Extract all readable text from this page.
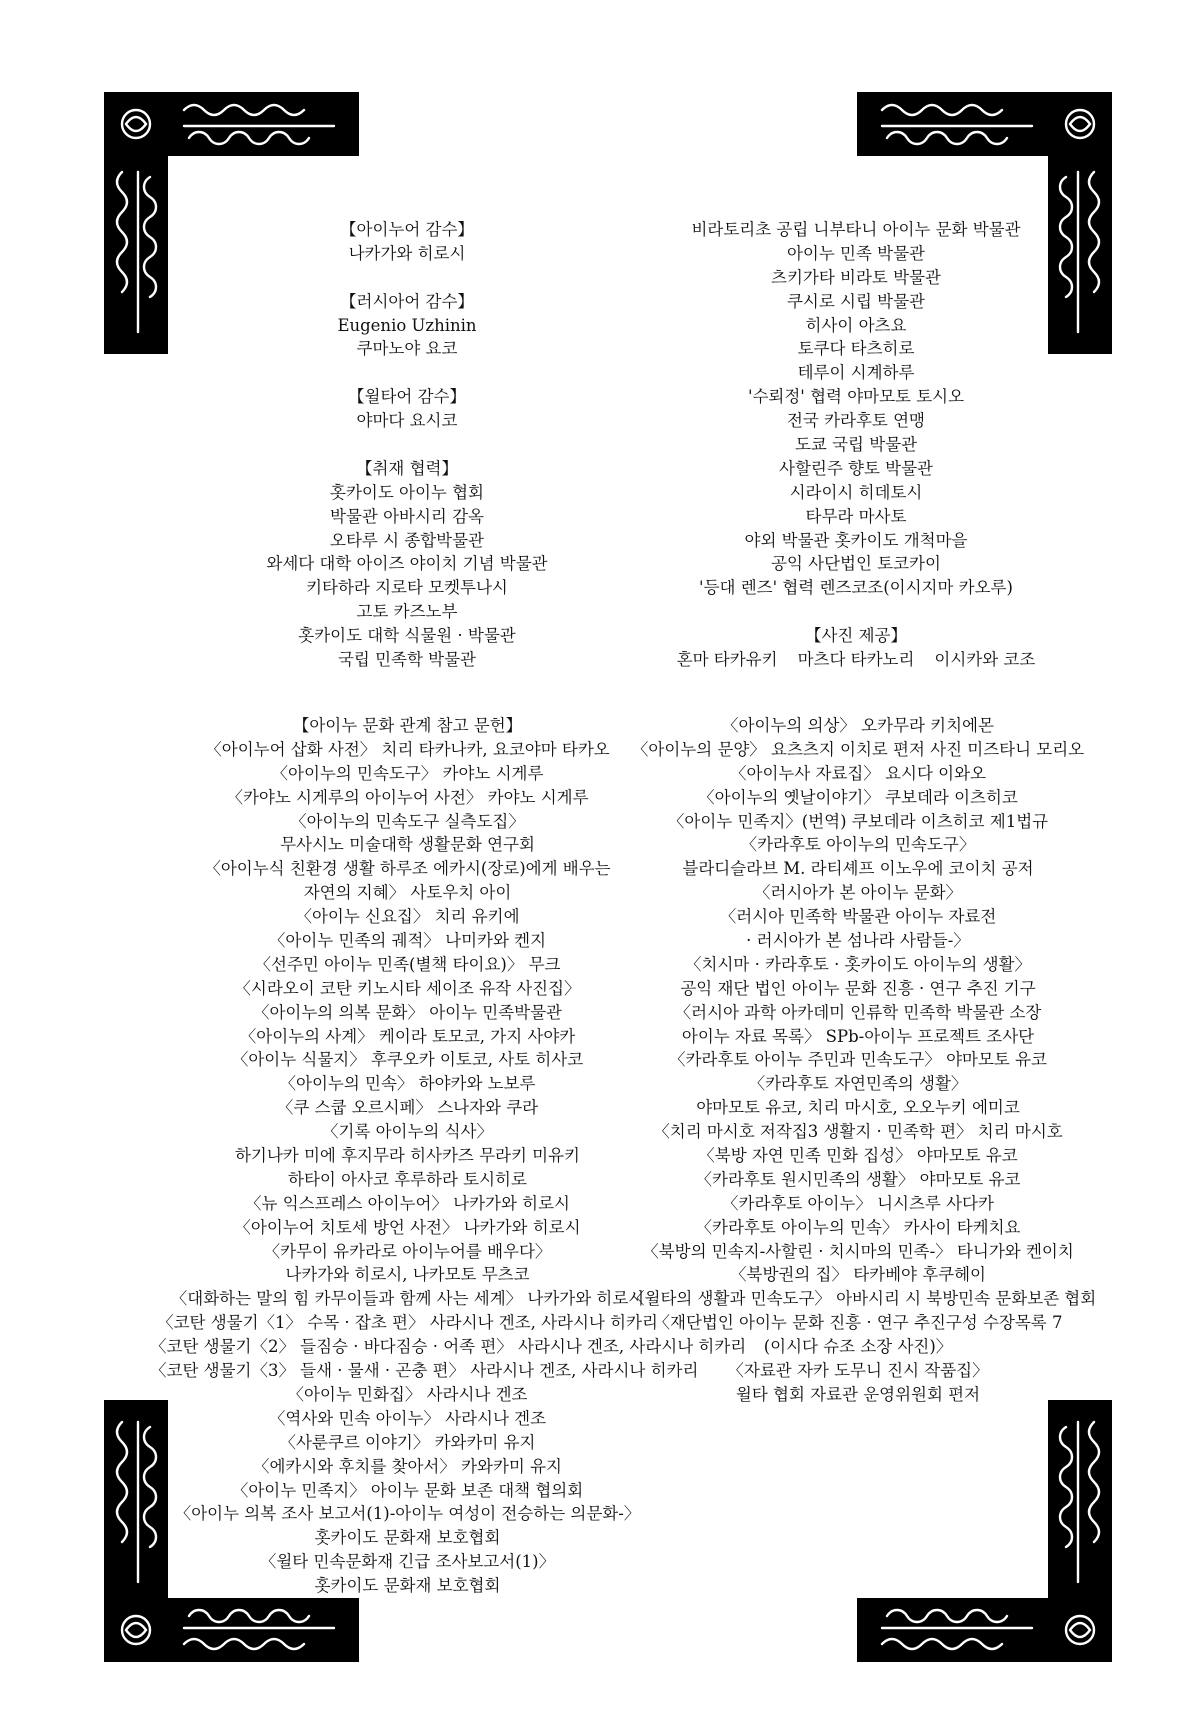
【아이누어 감수】
나카가와 히로시
【러시아어 감수】
Eugenio Uzhinin
쿠마노야 요코
【윌타어 감수】
야마다 요시코
【취재 협력】
홋카이도 아이누 협회
박물관 아바시리 감옥
오타루 시 종합박물관
와세다 대학 아이즈 야이치 기념 박물관
키타하라 지로타 모켓투나시
고토 카즈노부
홋카이도 대학 식물원 · 박물관
국립 민족학 박물관
비라토리초 공립 니부타니 아이누 문화 박물관
아이누 민족 박물관
츠키가타 비라토 박물관
쿠시로 시립 박물관
히사이 아츠요
토쿠다 타츠히로
테루이 시계하루
'수뢰정' 협력 야마모토 토시오
전국 카라후토 연맹
도쿄 국립 박물관
사할린주 향토 박물관
시라이시 히데토시
타무라 마사토
야외 박물관 홋카이도 개척마을
공익 사단법인 토코카이
'등대 렌즈' 협력 렌즈코조(이시지마 카오루)
【사진 제공】
혼마 타카유키 마츠다 타카노리 이시카와 코조
【아이누 문화 관계 참고 문헌】
〈아이누어 삽화 사전〉 치리 타카나카, 요코야마 타카오
〈아이누의 민속도구〉 카야노 시게루
〈카야노 시게루의 아이누어 사전〉 카야노 시게루
〈아이누의 민속도구 실측도집〉
무사시노 미술대학 생활문화 연구회
〈아이누식 친환경 생활 하루조 에카시(장로)에게 배우는
자연의 지혜〉 사토우치 아이
〈아이누 신요집〉 치리 유키에
〈아이누 민족의 궤적〉 나미카와 켄지
〈선주민 아이누 민족(별책 타이요)〉 무크
〈시라오이 코탄 키노시타 세이조 유작 사진집〉
〈아이누의 의복 문화〉 아이누 민족박물관
〈아이누의 사계〉 케이라 토모코, 가지 사야카
〈아이누 식물지〉 후쿠오카 이토코, 사토 히사코
〈아이누의 민속〉 하야카와 노보루
〈쿠 스쿱 오르시페〉 스나자와 쿠라
〈기록 아이누의 식사〉
하기나카 미에 후지무라 히사카즈 무라키 미유키
하타이 아사코 후루하라 토시히로
〈뉴 익스프레스 아이누어〉 나카가와 히로시
〈아이누어 치토세 방언 사전〉 나카가와 히로시
〈카무이 유카라로 아이누어를 배우다〉
나카가와 히로시, 나카모토 무츠코
〈대화하는 말의 힘 카무이들과 함께 사는 세계〉 나카가와 히로시
〈코탄 생물기〈1〉 수목 · 잡초 편〉 사라시나 겐조, 사라시나 히카리
〈코탄 생물기〈2〉 들짐승 · 바다짐승 · 어족 편〉 사라시나 겐조, 사라시나 히카리
〈코탄 생물기〈3〉 들새 · 물새 · 곤충 편〉 사라시나 겐조, 사라시나 히카리
〈아이누 민화집〉 사라시나 겐조
〈역사와 민속 아이누〉 사라시나 겐조
〈사룬쿠르 이야기〉 카와카미 유지
〈에카시와 후치를 찾아서〉 카와카미 유지
〈아이누 민족지〉 아이누 문화 보존 대책 협의회
〈아이누 의복 조사 보고서(1)-아이누 여성이 전승하는 의문화-〉
홋카이도 문화재 보호협회
〈윌타 민속문화재 긴급 조사보고서(1)〉
홋카이도 문화재 보호협회
〈아이누의 의상〉 오카무라 키치에몬
〈아이누의 문양〉 요츠츠지 이치로 편저 사진 미즈타니 모리오
〈아이누사 자료집〉 요시다 이와오
〈아이누의 옛날이야기〉 쿠보데라 이츠히코
〈아이누 민족지〉(번역) 쿠보데라 이츠히코 제1법규
〈카라후토 아이누의 민속도구〉
블라디슬라브 M. 라티셰프 이노우에 코이치 공저
〈러시아가 본 아이누 문화〉
〈러시아 민족학 박물관 아이누 자료전
· 러시아가 본 섬나라 사람들-〉
〈치시마 · 카라후토 · 홋카이도 아이누의 생활〉
공익 재단 법인 아이누 문화 진흥 · 연구 추진 기구
〈러시아 과학 아카데미 인류학 민족학 박물관 소장
아이누 자료 목록〉 SPb-아이누 프로젝트 조사단
〈카라후토 아이누 주민과 민속도구〉 야마모토 유코
〈카라후토 자연민족의 생활〉
야마모토 유코, 치리 마시호, 오오누키 에미코
〈치리 마시호 저작집3 생활지 · 민족학 편〉 치리 마시호
〈북방 자연 민족 민화 집성〉 야마모토 유코
〈카라후토 원시민족의 생활〉 야마모토 유코
〈카라후토 아이누〉 니시츠루 사다카
〈카라후토 아이누의 민속〉 카사이 타케치요
〈북방의 민속지-사할린 · 치시마의 민족-〉 타니가와 켄이치
〈북방권의 집〉 타카베야 후쿠헤이
〈윌타의 생활과 민속도구〉 아바시리 시 북방민속 문화보존 협회
〈재단법인 아이누 문화 진흥 · 연구 추진구성 수장목록 7
(이시다 슈조 소장 사진)〉
〈자료관 자카 도무니 진시 작품집〉
윌타 협회 자료관 운영위원회 편저
